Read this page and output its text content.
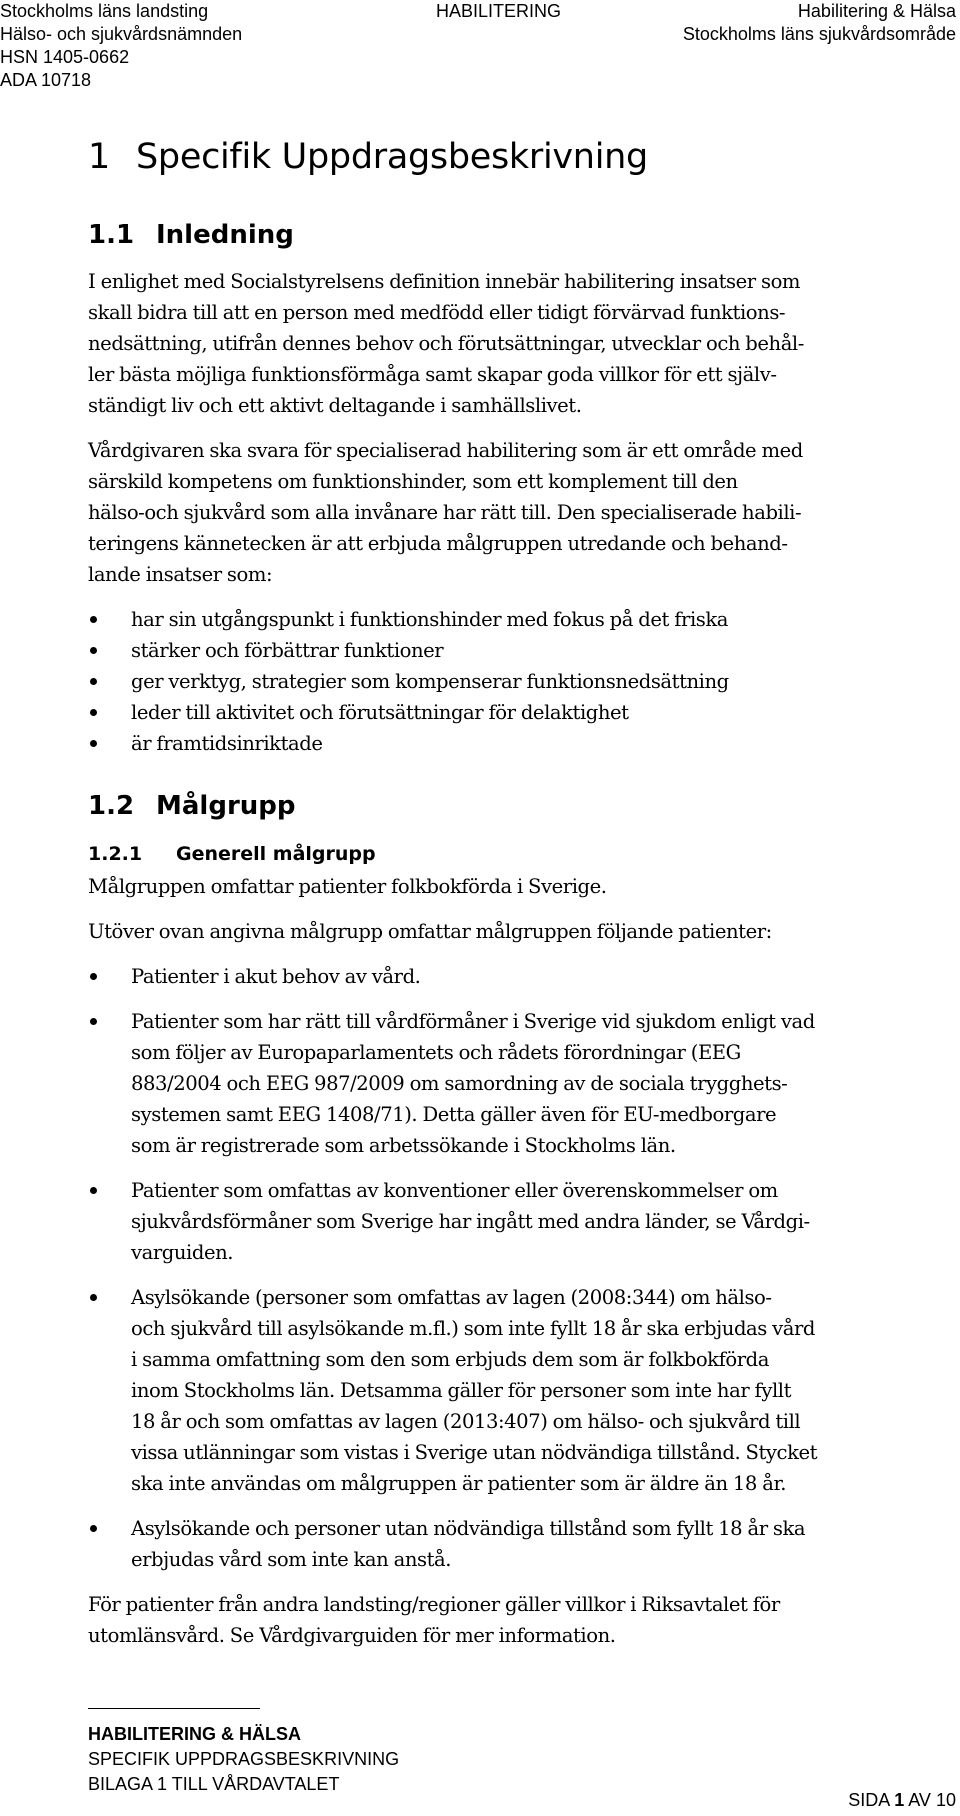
Stockholms läns landsting
Hälso- och sjukvårdsnämnden
HSN 1405-0662
ADA 10718
HABILITERING	Habilitering & Hälsa
Stockholms läns sjukvårdsområde
1 Specifik Uppdragsbeskrivning
1.1 Inledning
I enlighet med Socialstyrelsens definition innebär habilitering insatser som
skall bidra till att en person med medfödd eller tidigt förvärvad funktions-
nedsättning, utifrån dennes behov och förutsättningar, utvecklar och behål-
ler bästa möjliga funktionsförmåga samt skapar goda villkor för ett själv-
ständigt liv och ett aktivt deltagande i samhällslivet.
Vårdgivaren ska svara för specialiserad habilitering som är ett område med
särskild kompetens om funktionshinder, som ett komplement till den
hälso-och sjukvård som alla invånare har rätt till. Den specialiserade habili-
teringens kännetecken är att erbjuda målgruppen utredande och behand-
lande insatser som:
har sin utgångspunkt i funktionshinder med fokus på det friska
stärker och förbättrar funktioner
ger verktyg, strategier som kompenserar funktionsnedsättning
leder till aktivitet och förutsättningar för delaktighet
är framtidsinriktade
1.2 Målgrupp
1.2.1 Generell målgrupp
Målgruppen omfattar patienter folkbokförda i Sverige.
Utöver ovan angivna målgrupp omfattar målgruppen följande patienter:
Patienter i akut behov av vård.
Patienter som har rätt till vårdförmåner i Sverige vid sjukdom enligt vad
som följer av Europaparlamentets och rådets förordningar (EEG
883/2004 och EEG 987/2009 om samordning av de sociala trygghets-
systemen samt EEG 1408/71). Detta gäller även för EU-medborgare
som är registrerade som arbetssökande i Stockholms län.
Patienter som omfattas av konventioner eller överenskommelser om
sjukvårdsförmåner som Sverige har ingått med andra länder, se Vårdgi-
varguiden.
Asylsökande (personer som omfattas av lagen (2008:344) om hälso-
och sjukvård till asylsökande m.fl.) som inte fyllt 18 år ska erbjudas vård
i samma omfattning som den som erbjuds dem som är folkbokförda
inom Stockholms län. Detsamma gäller för personer som inte har fyllt
18 år och som omfattas av lagen (2013:407) om hälso- och sjukvård till
vissa utlänningar som vistas i Sverige utan nödvändiga tillstånd. Stycket
ska inte användas om målgruppen är patienter som är äldre än 18 år.
Asylsökande och personer utan nödvändiga tillstånd som fyllt 18 år ska
erbjudas vård som inte kan anstå.
För patienter från andra landsting/regioner gäller villkor i Riksavtalet för
utomlänsvård. Se Vårdgivarguiden för mer information.
HABILITERING & HÄLSA
SPECIFIK UPPDRAGSBESKRIVNING
BILAGA 1 TILL VÅRDAVTALET
SIDA 1 AV 10
